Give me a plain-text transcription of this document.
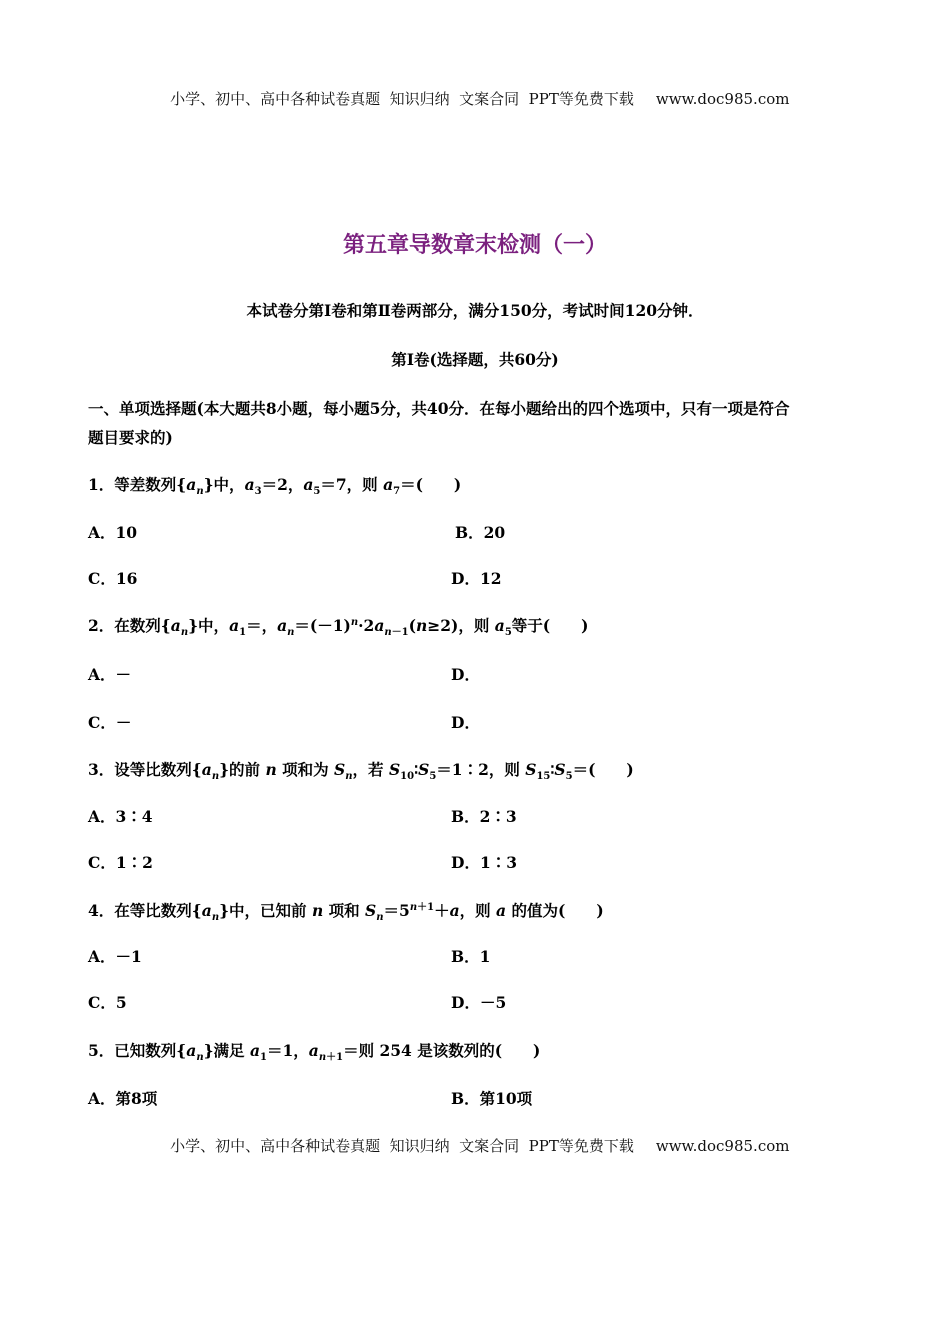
小学、初中、高中各种试卷真题  知识归纳  文案合同  PPT等免费下载 www.doc985.com

第五章导数章末检测（一）
本试卷分第Ⅰ卷和第Ⅱ卷两部分，满分150分，考试时间120分钟．
第Ⅰ卷(选择题，共60分)
一、单项选择题(本大题共8小题，每小题5分，共40分．在每小题给出的四个选项中，只有一项是符合
题目要求的)
1．等差数列$\{a_n\}$中，$a_3=2$，$a_5=7$，则 $a_7=$(　　)
A．10	B．20
C．16	D．12
2．在数列$\{a_n\}$中，$a_1=$，$a_n=(-1)^n\cdot 2a_{n-1}(n\ge 2)$，则 $a_5$等于(　　)
A．－	D．
C．－	D．
3．设等比数列$\{a_n\}$的前 n 项和为 $S_n$，若 $S_{10}∶S_5=1∶2$，则 $S_{15}∶S_5=$(　　)
A．3∶4	B．2∶3
C．1∶2	D．1∶3
4．在等比数列$\{a_n\}$中，已知前 n 项和 $S_n=5^{n+1}+a$，则 a 的值为(　　)
A．－1	B．1
C．5	D．－5
5．已知数列$\{a_n\}$满足 $a_1=1$，$a_{n+1}=$则 254 是该数列的(　　)
A．第8项	B．第10项

小学、初中、高中各种试卷真题  知识归纳  文案合同  PPT等免费下载 www.doc985.com
